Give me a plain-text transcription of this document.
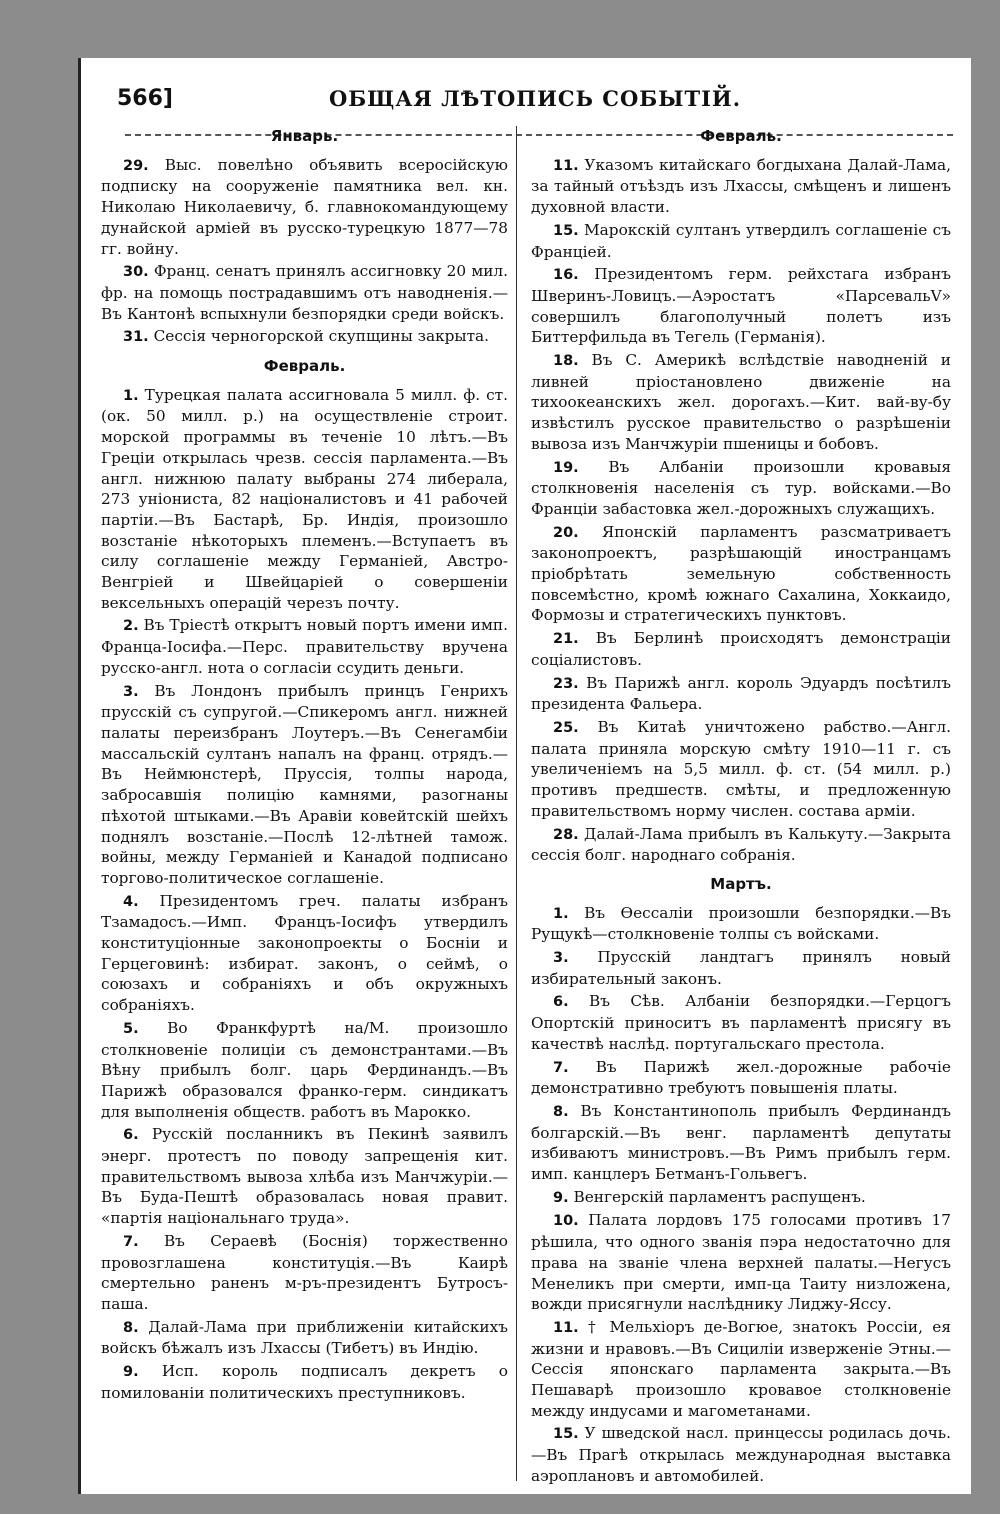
566]	ОБЩАЯ ЛѢТОПИСЬ СОБЫТІЙ.
Январь.

29. Выс. повелѣно объявить всеросійскую подписку на сооруженіе памятника вел. кн. Николаю Николаевичу, б. главнокомандующему дунайской арміей въ русско-турецкую 1877—78 гг. войну.

30. Франц. сенатъ принялъ ассигновку 20 мил. фр. на помощь пострадавшимъ отъ наводненія.—Въ Кантонѣ вспыхнули безпорядки среди войскъ.

31. Сессія черногорской скупщины закрыта.

Февраль.

1. Турецкая палата ассигновала 5 милл. ф. ст. (ок. 50 милл. р.) на осуществленіе строит. морской программы въ теченіе 10 лѣтъ.—Въ Греціи открылась чрезв. сессія парламента.—Въ англ. нижнюю палату выбраны 274 либерала, 273 уніониста, 82 націоналистовъ и 41 рабочей партіи.—Въ Бастарѣ, Бр. Индія, произошло возстаніе нѣкоторыхъ племенъ.—Вступаетъ въ силу соглашеніе между Германіей, Австро-Венгріей и Швейцаріей о совершеніи вексельныхъ операцій черезъ почту.

2. Въ Тріестѣ открытъ новый портъ имени имп. Франца-Іосифа.—Перс. правительству вручена русско-англ. нота о согласіи ссудить деньги.

3. Въ Лондонъ прибылъ принцъ Генрихъ прусскій съ супругой.—Спикеромъ англ. нижней палаты переизбранъ Лоутеръ.—Въ Сенегамбіи массальскій султанъ напалъ на франц. отрядъ.—Въ Неймюнстерѣ, Пруссія, толпы народа, забросавшія полицію камнями, разогнаны пѣхотой штыками.—Въ Аравіи ковейтскій шейхъ поднялъ возстаніе.—Послѣ 12-лѣтней тамож. войны, между Германіей и Канадой подписано торгово-политическое соглашеніе.

4. Президентомъ греч. палаты избранъ Тзамадосъ.—Имп. Францъ-Іосифъ утвердилъ конституціонные законопроекты о Босніи и Герцеговинѣ: избират. законъ, о сеймѣ, о союзахъ и собраніяхъ и объ окружныхъ собраніяхъ.

5. Во Франкфуртѣ на/М. произошло столкновеніе полиціи съ демонстрантами.—Въ Вѣну прибылъ болг. царь Фердинандъ.—Въ Парижѣ образовался франко-герм. синдикатъ для выполненія обществ. работъ въ Марокко.

6. Русскій посланникъ въ Пекинѣ заявилъ энерг. протестъ по поводу запрещенія кит. правительствомъ вывоза хлѣба изъ Манчжуріи.—Въ Буда-Пештѣ образовалась новая правит. «партія національнаго труда».

7. Въ Сераевѣ (Боснія) торжественно провозглашена конституція.—Въ Каирѣ смертельно раненъ м-ръ-президентъ Бутросъ-паша.

8. Далай-Лама при приближеніи китайскихъ войскъ бѣжалъ изъ Лхассы (Тибетъ) въ Индію.

9. Исп. король подписалъ декретъ о помилованіи политическихъ преступниковъ.

Февраль.

11. Указомъ китайскаго богдыхана Далай-Лама, за тайный отъѣздъ изъ Лхассы, смѣщенъ и лишенъ духовной власти.

15. Марокскій султанъ утвердилъ соглашеніе съ Франціей.

16. Президентомъ герм. рейхстага избранъ Шверинъ-Ловицъ.—Аэростатъ «ПарсевальV» совершилъ благополучный полетъ изъ Биттерфильда въ Тегель (Германія).

18. Въ С. Америкѣ вслѣдствіе наводненій и ливней пріостановлено движеніе на тихоокеанскихъ жел. дорогахъ.—Кит. вай-ву-бу извѣстилъ русское правительство о разрѣшеніи вывоза изъ Манчжуріи пшеницы и бобовъ.

19. Въ Албаніи произошли кровавыя столкновенія населенія съ тур. войсками.—Во Франціи забастовка жел.-дорожныхъ служащихъ.

20. Японскій парламентъ разсматриваетъ законопроектъ, разрѣшающій иностранцамъ пріобрѣтать земельную собственность повсемѣстно, кромѣ южнаго Сахалина, Хоккаидо, Формозы и стратегическихъ пунктовъ.

21. Въ Берлинѣ происходятъ демонстраціи соціалистовъ.

23. Въ Парижѣ англ. король Эдуардъ посѣтилъ президента Фальера.

25. Въ Китаѣ уничтожено рабство.—Англ. палата приняла морскую смѣту 1910—11 г. съ увеличеніемъ на 5,5 милл. ф. ст. (54 милл. р.) противъ предшеств. смѣты, и предложенную правительствомъ норму числен. состава арміи.

28. Далай-Лама прибылъ въ Калькуту.—Закрыта сессія болг. народнаго собранія.

Мартъ.

1. Въ Ѳессаліи произошли безпорядки.—Въ Рущукѣ—столкновеніе толпы съ войсками.

3. Прусскій ландтагъ принялъ новый избирательный законъ.

6. Въ Сѣв. Албаніи безпорядки.—Герцогъ Опортскій приноситъ въ парламентѣ присягу въ качествѣ наслѣд. португальскаго престола.

7. Въ Парижѣ жел.-дорожные рабочіе демонстративно требуютъ повышенія платы.

8. Въ Константинополь прибылъ Фердинандъ болгарскій.—Въ венг. парламентѣ депутаты избиваютъ министровъ.—Въ Римъ прибылъ герм. имп. канцлеръ Бетманъ-Гольвегъ.

9. Венгерскій парламентъ распущенъ.

10. Палата лордовъ 175 голосами противъ 17 рѣшила, что одного званія пэра недостаточно для права на званіе члена верхней палаты.—Негусъ Менеликъ при смерти, имп-ца Таиту низложена, вожди присягнули наслѣднику Лиджу-Яссу.

11. † Мельхіоръ де-Вогюе, знатокъ Россіи, ея жизни и нравовъ.—Въ Сициліи изверженіе Этны.—Сессія японскаго парламента закрыта.—Въ Пешаварѣ произошло кровавое столкновеніе между индусами и магометанами.

15. У шведской насл. принцессы родилась дочь.—Въ Прагѣ открылась международная выставка аэроплановъ и автомобилей.
